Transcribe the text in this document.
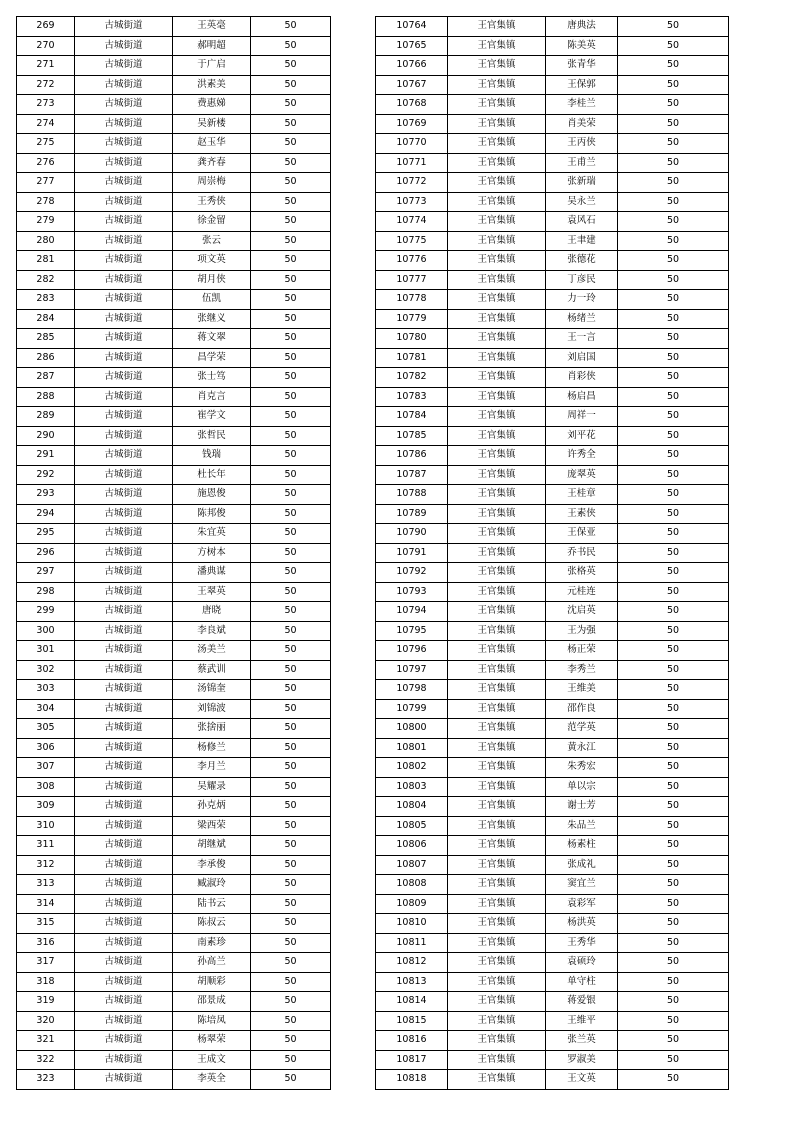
269	古城街道	王英毫	50
270	古城街道	郝明超	50
271	古城街道	于广启	50
272	古城街道	洪素美	50
273	古城街道	费惠娣	50
274	古城街道	吴新楼	50
275	古城街道	赵玉华	50
276	古城街道	龚齐春	50
277	古城街道	周崇梅	50
278	古城街道	王秀侠	50
279	古城街道	徐金留	50
280	古城街道	张云	50
281	古城街道	项文英	50
282	古城街道	胡月侠	50
283	古城街道	伍凯	50
284	古城街道	张继义	50
285	古城街道	蒋文翠	50
286	古城街道	昌学荣	50
287	古城街道	张士笃	50
288	古城街道	肖克言	50
289	古城街道	崔学文	50
290	古城街道	张哲民	50
291	古城街道	钱瑞	50
292	古城街道	杜长年	50
293	古城街道	施恩俊	50
294	古城街道	陈邦俊	50
295	古城街道	朱宜英	50
296	古城街道	方树本	50
297	古城街道	潘典谋	50
298	古城街道	王翠英	50
299	古城街道	唐晓	50
300	古城街道	李良斌	50
301	古城街道	汤美兰	50
302	古城街道	蔡武训	50
303	古城街道	汤锦奎	50
304	古城街道	刘锦波	50
305	古城街道	张捨丽	50
306	古城街道	杨修兰	50
307	古城街道	李月兰	50
308	古城街道	吴耀录	50
309	古城街道	孙克炳	50
310	古城街道	梁西荣	50
311	古城街道	胡继斌	50
312	古城街道	李承俊	50
313	古城街道	臧淑玲	50
314	古城街道	陆书云	50
315	古城街道	陈叔云	50
316	古城街道	南素珍	50
317	古城街道	孙高兰	50
318	古城街道	胡顺彩	50
319	古城街道	邵景成	50
320	古城街道	陈培凤	50
321	古城街道	杨翠荣	50
322	古城街道	王成文	50
323	古城街道	李英全	50
10764	王官集镇	唐典法	50
10765	王官集镇	陈美英	50
10766	王官集镇	张青华	50
10767	王官集镇	王保郭	50
10768	王官集镇	李桂兰	50
10769	王官集镇	肖美荣	50
10770	王官集镇	王丙侠	50
10771	王官集镇	王甫兰	50
10772	王官集镇	张新瑞	50
10773	王官集镇	吴永兰	50
10774	王官集镇	袁风石	50
10775	王官集镇	王聿建	50
10776	王官集镇	张德花	50
10777	王官集镇	丁彦民	50
10778	王官集镇	力一玲	50
10779	王官集镇	杨绪兰	50
10780	王官集镇	王一言	50
10781	王官集镇	刘启国	50
10782	王官集镇	肖彩侠	50
10783	王官集镇	杨启昌	50
10784	王官集镇	周祥一	50
10785	王官集镇	刘平花	50
10786	王官集镇	许秀全	50
10787	王官集镇	庞翠英	50
10788	王官集镇	王桂章	50
10789	王官集镇	王素侠	50
10790	王官集镇	王保亚	50
10791	王官集镇	乔书民	50
10792	王官集镇	张格英	50
10793	王官集镇	元桂连	50
10794	王官集镇	沈启英	50
10795	王官集镇	王为强	50
10796	王官集镇	杨正荣	50
10797	王官集镇	李秀兰	50
10798	王官集镇	王维美	50
10799	王官集镇	邵作良	50
10800	王官集镇	范学英	50
10801	王官集镇	黄永江	50
10802	王官集镇	朱秀宏	50
10803	王官集镇	单以宗	50
10804	王官集镇	谢士芳	50
10805	王官集镇	朱品兰	50
10806	王官集镇	杨素柱	50
10807	王官集镇	张成礼	50
10808	王官集镇	窦宜兰	50
10809	王官集镇	袁彩军	50
10810	王官集镇	杨洪英	50
10811	王官集镇	王秀华	50
10812	王官集镇	袁硕玲	50
10813	王官集镇	单守柱	50
10814	王官集镇	蒋爱银	50
10815	王官集镇	王维平	50
10816	王官集镇	张兰英	50
10817	王官集镇	罗淑美	50
10818	王官集镇	王文英	50
